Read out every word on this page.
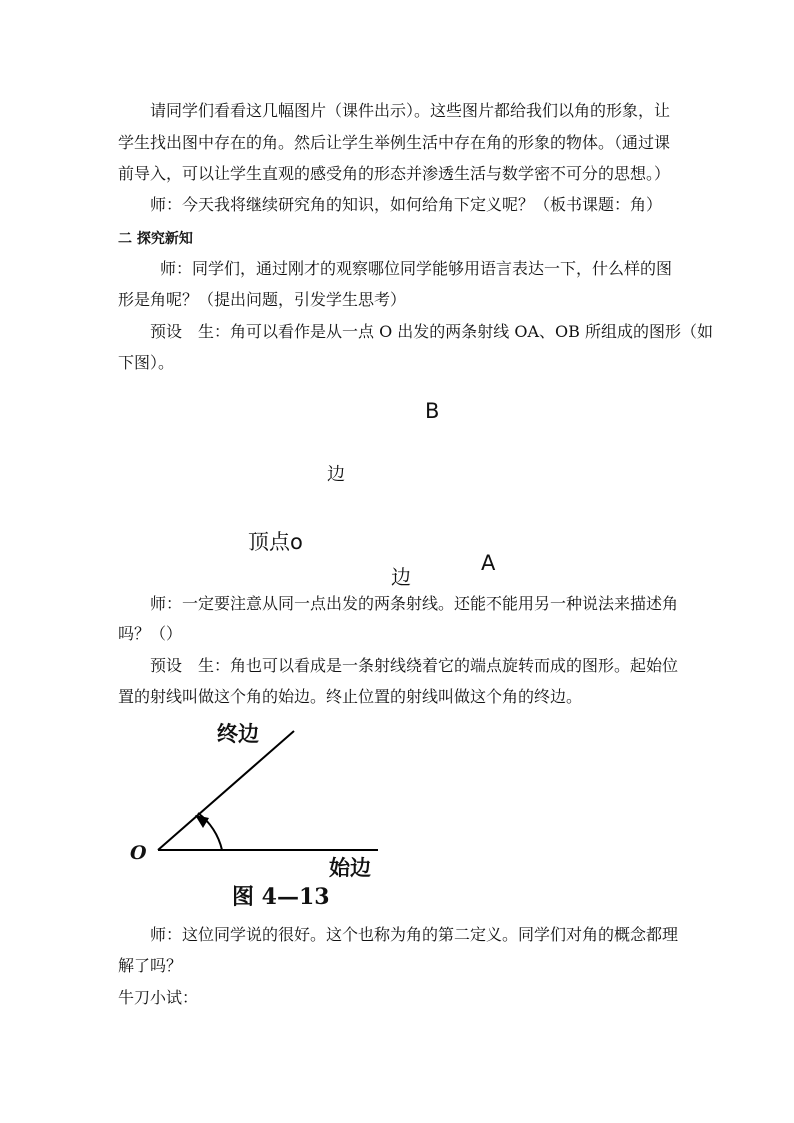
请同学们看看这几幅图片（课件出示）。这些图片都给我们以角的形象，让
学生找出图中存在的角。然后让学生举例生活中存在角的形象的物体。（通过课
前导入，可以让学生直观的感受角的形态并渗透生活与数学密不可分的思想。）
师：今天我将继续研究角的知识，如何给角下定义呢？（板书课题：角）
二 探究新知
师：同学们，通过刚才的观察哪位同学能够用语言表达一下，什么样的图
形是角呢？（提出问题，引发学生思考）
预设　生：角可以看作是从一点 O 出发的两条射线 OA、OB 所组成的图形（如
下图）。
B
边
顶点o
边
A
师：一定要注意从同一点出发的两条射线。还能不能用另一种说法来描述角
吗？（）
预设　生：角也可以看成是一条射线绕着它的端点旋转而成的图形。起始位
置的射线叫做这个角的始边。终止位置的射线叫做这个角的终边。
终边
O
始边
图 4—13
师：这位同学说的很好。这个也称为角的第二定义。同学们对角的概念都理
解了吗？
牛刀小试：
